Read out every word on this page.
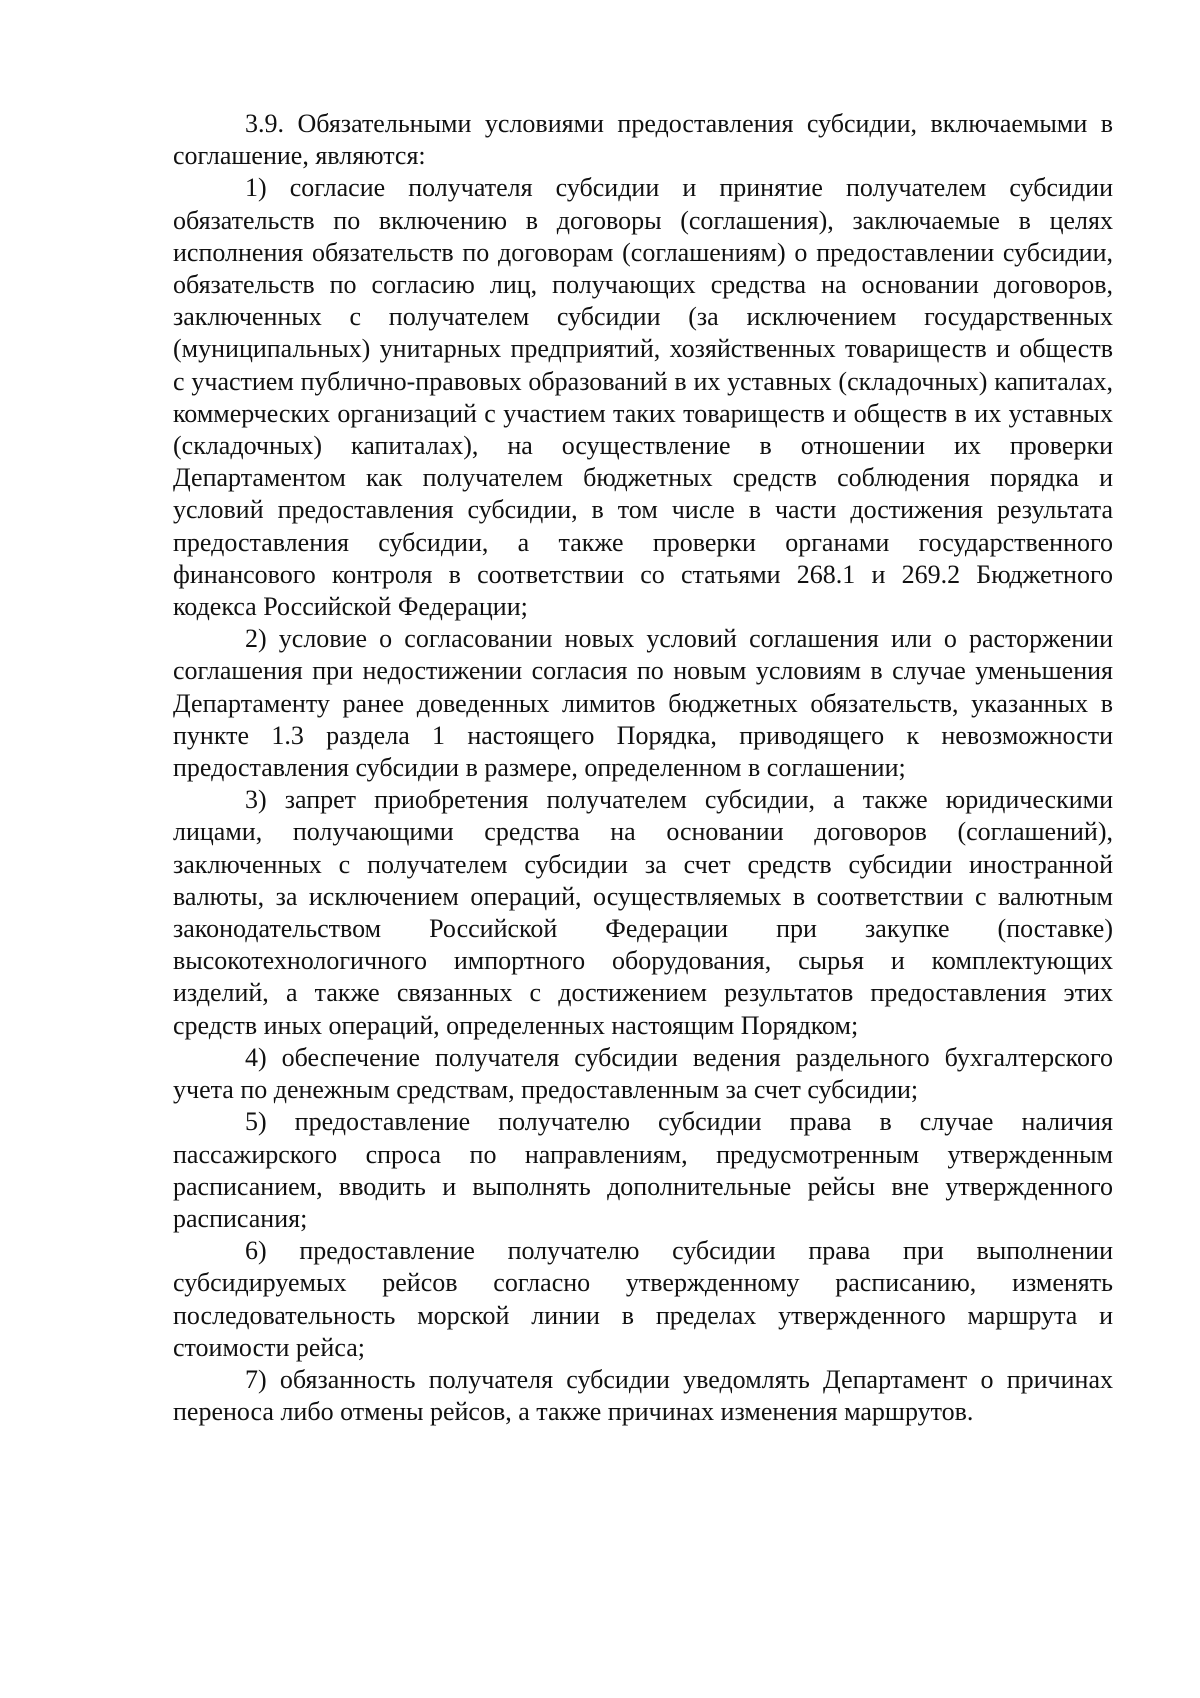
3.9. Обязательными условиями предоставления субсидии, включаемыми в соглашение, являются:

1) согласие получателя субсидии и принятие получателем субсидии обязательств по включению в договоры (соглашения), заключаемые в целях исполнения обязательств по договорам (соглашениям) о предоставлении субсидии, обязательств по согласию лиц, получающих средства на основании договоров, заключенных с получателем субсидии (за исключением государственных (муниципальных) унитарных предприятий, хозяйственных товариществ и обществ с участием публично-правовых образований в их уставных (складочных) капиталах, коммерческих организаций с участием таких товариществ и обществ в их уставных (складочных) капиталах), на осуществление в отношении их проверки Департаментом как получателем бюджетных средств соблюдения порядка и условий предоставления субсидии, в том числе в части достижения результата предоставления субсидии, а также проверки органами государственного финансового контроля в соответствии со статьями 268.1 и 269.2 Бюджетного кодекса Российской Федерации;

2) условие о согласовании новых условий соглашения или о расторжении соглашения при недостижении согласия по новым условиям в случае уменьшения Департаменту ранее доведенных лимитов бюджетных обязательств, указанных в пункте 1.3 раздела 1 настоящего Порядка, приводящего к невозможности предоставления субсидии в размере, определенном в соглашении;

3) запрет приобретения получателем субсидии, а также юридическими лицами, получающими средства на основании договоров (соглашений), заключенных с получателем субсидии за счет средств субсидии иностранной валюты, за исключением операций, осуществляемых в соответствии с валютным законодательством Российской Федерации при закупке (поставке) высокотехнологичного импортного оборудования, сырья и комплектующих изделий, а также связанных с достижением результатов предоставления этих средств иных операций, определенных настоящим Порядком;

4) обеспечение получателя субсидии ведения раздельного бухгалтерского учета по денежным средствам, предоставленным за счет субсидии;

5) предоставление получателю субсидии права в случае наличия пассажирского спроса по направлениям, предусмотренным утвержденным расписанием, вводить и выполнять дополнительные рейсы вне утвержденного расписания;

6) предоставление получателю субсидии права при выполнении субсидируемых рейсов согласно утвержденному расписанию, изменять последовательность морской линии в пределах утвержденного маршрута и стоимости рейса;

7) обязанность получателя субсидии уведомлять Департамент о причинах переноса либо отмены рейсов, а также причинах изменения маршрутов.
